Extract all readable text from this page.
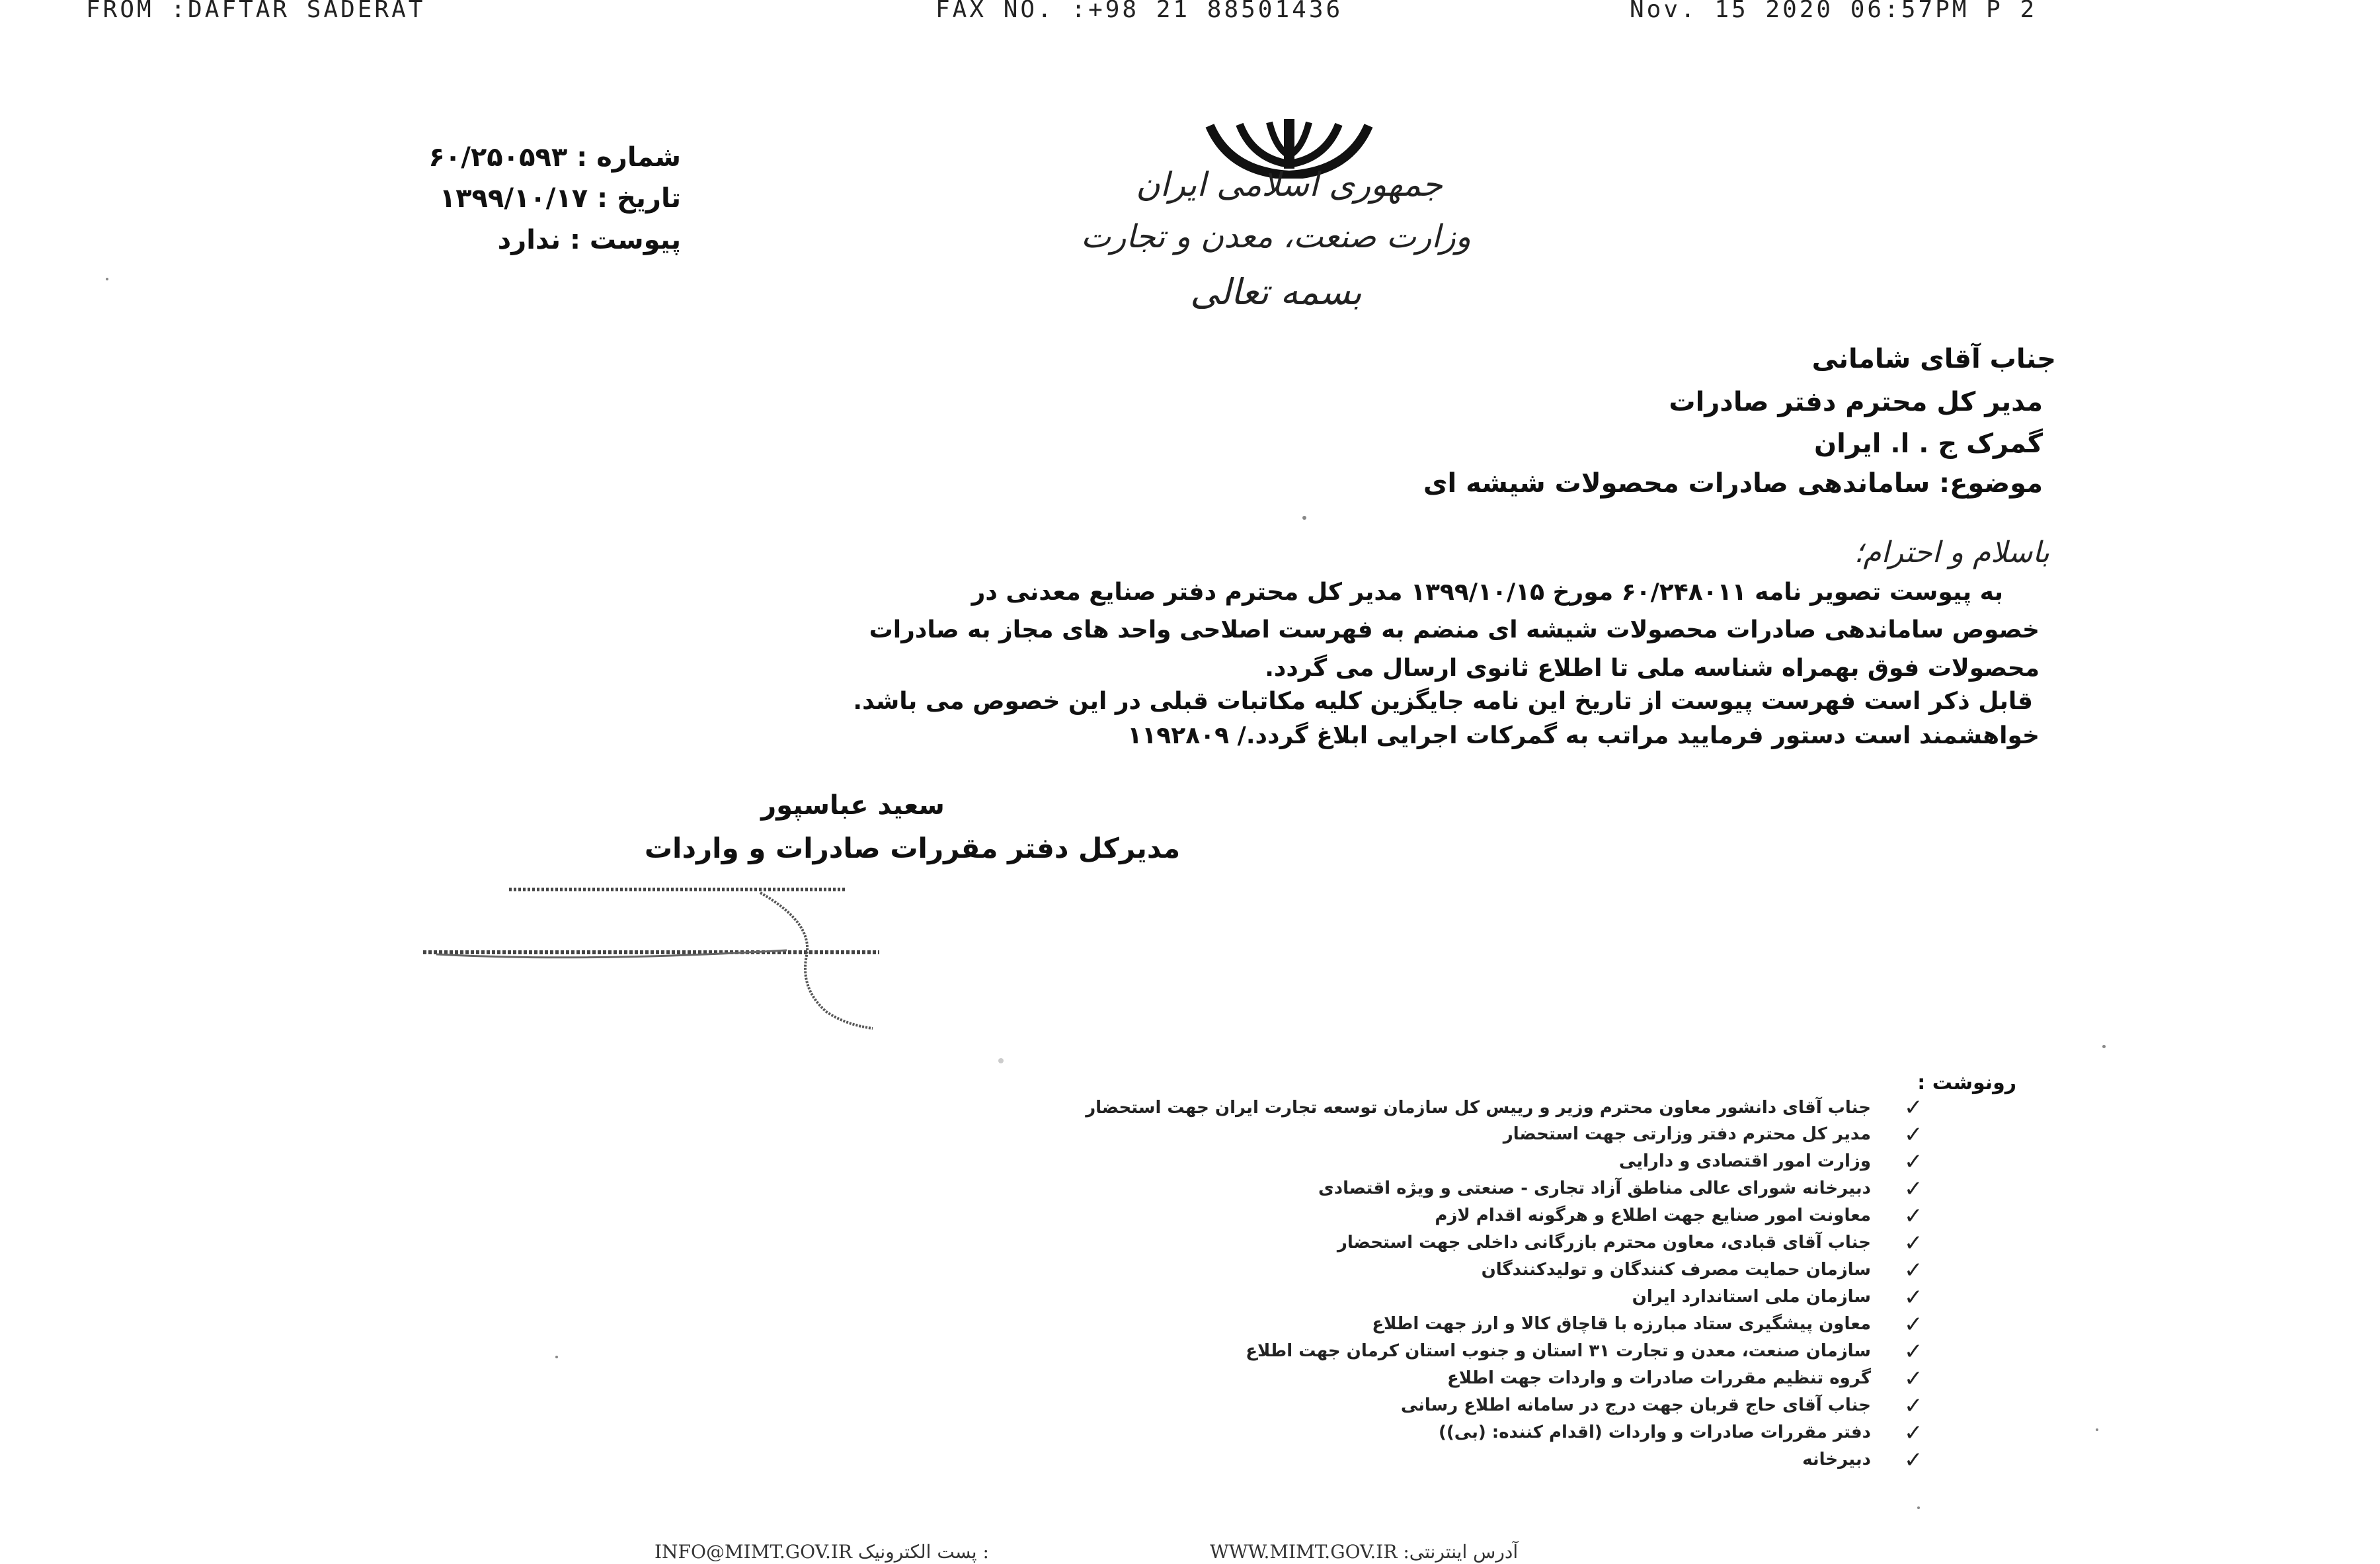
FROM :DAFTAR SADERAT	FAX NO. :+98 21 88501436	Nov. 15 2020 06:57PM P 2
جمهوری اسلامی ایران
وزارت صنعت، معدن و تجارت
بسمه تعالی
شماره : ۶۰/۲۵۰۵۹۳
تاریخ : ۱۳۹۹/۱۰/۱۷
پیوست : ندارد
جناب آقای شامانی
مدیر کل محترم دفتر صادرات
گمرک ج . ا. ایران
موضوع: ساماندهی صادرات محصولات شیشه ای
باسلام و احترام؛
به پیوست تصویر نامه ۶۰/۲۴۸۰۱۱ مورخ ۱۳۹۹/۱۰/۱۵ مدیر کل محترم دفتر صنایع معدنی در
خصوص ساماندهی صادرات محصولات شیشه ای منضم به فهرست اصلاحی واحد های مجاز به صادرات
محصولات فوق بهمراه شناسه ملی تا اطلاع ثانوی ارسال می گردد.
قابل ذکر است فهرست پیوست از تاریخ این نامه جایگزین کلیه مکاتبات قبلی در این خصوص می باشد.
خواهشمند است دستور فرمایید مراتب به گمرکات اجرایی ابلاغ گردد./ ۱۱۹۲۸۰۹
سعید عباسپور
مدیرکل دفتر مقررات صادرات و واردات
رونوشت :
✓
جناب آقای دانشور معاون محترم وزیر و رییس کل سازمان توسعه تجارت ایران جهت استحضار
✓
مدیر کل محترم دفتر وزارتی جهت استحضار
✓
وزارت امور اقتصادی و دارایی
✓
دبیرخانه شورای عالی مناطق آزاد تجاری - صنعتی و ویژه اقتصادی
✓
معاونت امور صنایع جهت اطلاع و هرگونه اقدام لازم
✓
جناب آقای قبادی، معاون محترم بازرگانی داخلی جهت استحضار
✓
سازمان حمایت مصرف کنندگان و تولیدکنندگان
✓
سازمان ملی استاندارد ایران
✓
معاون پیشگیری ستاد مبارزه با قاچاق کالا و ارز جهت اطلاع
✓
سازمان صنعت، معدن و تجارت ۳۱ استان و جنوب استان کرمان جهت اطلاع
✓
گروه تنظیم مقررات صادرات و واردات جهت اطلاع
✓
جناب آقای حاج قربان جهت درج در سامانه اطلاع رسانی
✓
دفتر مقررات صادرات و واردات (اقدام کننده: (بی))
✓
دبیرخانه
INFO@MIMT.GOV.IR : پست الکترونیک	WWW.MIMT.GOV.IR آدرس اینترنتی:
